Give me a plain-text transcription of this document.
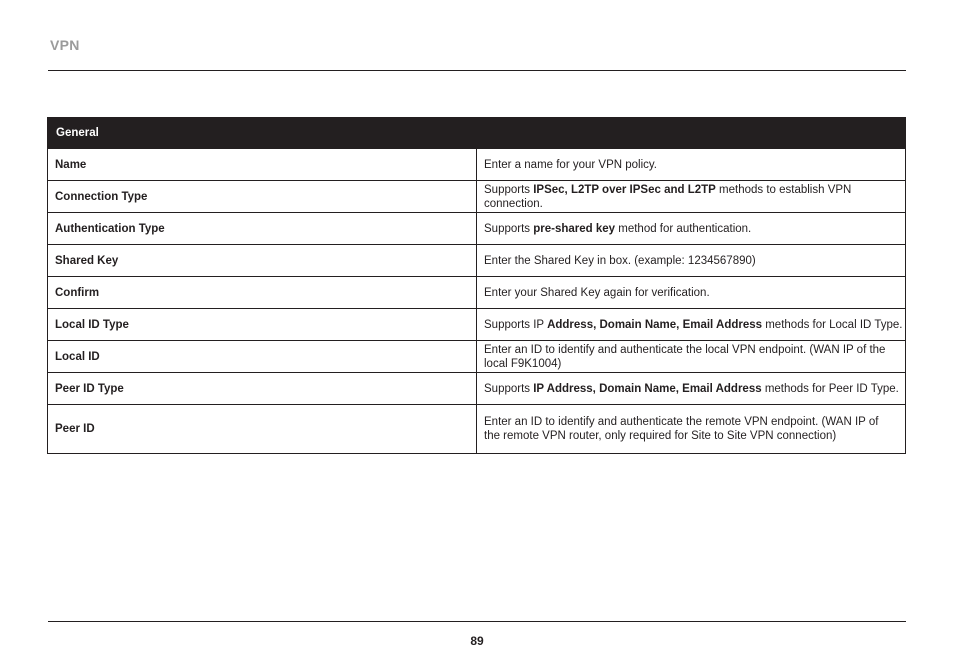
VPN
General	
Name	Enter a name for your VPN policy.
Connection Type	Supports IPSec, L2TP over IPSec and L2TP methods to establish VPN connection.
Authentication Type	Supports pre-shared key method for authentication.
Shared Key	Enter the Shared Key in box. (example: 1234567890)
Confirm	Enter your Shared Key again for verification.
Local ID Type	Supports IP Address, Domain Name, Email Address methods for Local ID Type.
Local ID	Enter an ID to identify and authenticate the local VPN endpoint. (WAN IP of the local F9K1004)
Peer ID Type	Supports IP Address, Domain Name, Email Address methods for Peer ID Type.
Peer ID	Enter an ID to identify and authenticate the remote VPN endpoint. (WAN IP of
the remote VPN router, only required for Site to Site VPN connection)
89
